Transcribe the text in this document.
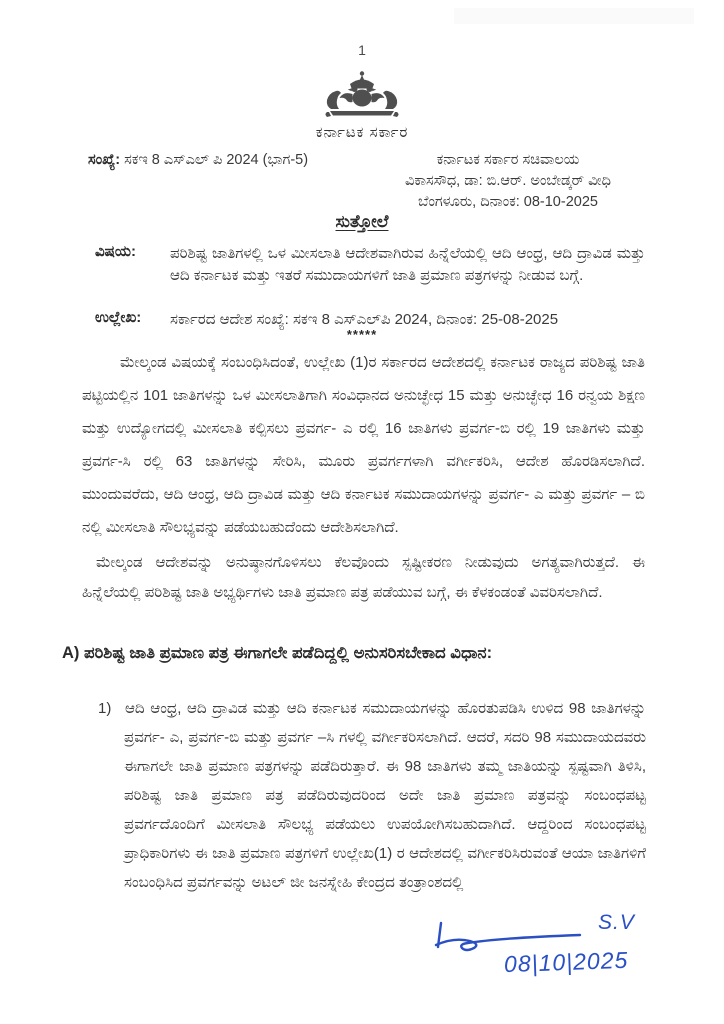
1
ಕರ್ನಾಟಕ ಸರ್ಕಾರ
ಸಂಖ್ಯೆ: ಸಕಇ 8 ಎಸ್‌ಎಲ್ ಪಿ 2024 (ಭಾಗ-5)	ಕರ್ನಾಟಕ ಸರ್ಕಾರ ಸಚಿವಾಲಯ
ವಿಕಾಸಸೌಧ, ಡಾ: ಬಿ.ಆರ್. ಅಂಬೇಡ್ಕರ್ ವೀಧಿ
ಬೆಂಗಳೂರು, ದಿನಾಂಕ: 08-10-2025
ಸುತ್ತೋಲೆ
ವಿಷಯ: ಪರಿಶಿಷ್ಟ ಜಾತಿಗಳಲ್ಲಿ ಒಳ ಮೀಸಲಾತಿ ಆದೇಶವಾಗಿರುವ ಹಿನ್ನೆಲೆಯಲ್ಲಿ ಆದಿ ಆಂಧ್ರ, ಆದಿ ದ್ರಾವಿಡ ಮತ್ತು ಆದಿ ಕರ್ನಾಟಕ ಮತ್ತು ಇತರೆ ಸಮುದಾಯಗಳಿಗೆ ಜಾತಿ ಪ್ರಮಾಣ ಪತ್ರಗಳನ್ನು ನೀಡುವ ಬಗ್ಗೆ.
ಉಲ್ಲೇಖ: ಸರ್ಕಾರದ ಆದೇಶ ಸಂಖ್ಯೆ: ಸಕಇ 8 ಎಸ್‌ಎಲ್‌ಪಿ 2024, ದಿನಾಂಕ: 25-08-2025
*****

ಮೇಲ್ಕಂಡ ವಿಷಯಕ್ಕೆ ಸಂಬಂಧಿಸಿದಂತೆ, ಉಲ್ಲೇಖ (1)ರ ಸರ್ಕಾರದ ಆದೇಶದಲ್ಲಿ ಕರ್ನಾಟಕ ರಾಜ್ಯದ ಪರಿಶಿಷ್ಟ ಜಾತಿ ಪಟ್ಟಿಯಲ್ಲಿನ 101 ಜಾತಿಗಳನ್ನು ಒಳ ಮೀಸಲಾತಿಗಾಗಿ ಸಂವಿಧಾನದ ಅನುಚ್ಛೇಧ 15 ಮತ್ತು ಅನುಚ್ಛೇಧ 16 ರನ್ವಯ ಶಿಕ್ಷಣ ಮತ್ತು ಉದ್ಯೋಗದಲ್ಲಿ ಮೀಸಲಾತಿ ಕಲ್ಪಿಸಲು ಪ್ರವರ್ಗ- ಎ ರಲ್ಲಿ 16 ಜಾತಿಗಳು ಪ್ರವರ್ಗ-ಬಿ ರಲ್ಲಿ 19 ಜಾತಿಗಳು ಮತ್ತು ಪ್ರವರ್ಗ-ಸಿ ರಲ್ಲಿ 63 ಜಾತಿಗಳನ್ನು ಸೇರಿಸಿ, ಮೂರು ಪ್ರವರ್ಗಗಳಾಗಿ ವರ್ಗೀಕರಿಸಿ, ಆದೇಶ ಹೊರಡಿಸಲಾಗಿದೆ. ಮುಂದುವರೆದು, ಆದಿ ಆಂಧ್ರ, ಆದಿ ದ್ರಾವಿಡ ಮತ್ತು ಆದಿ ಕರ್ನಾಟಕ ಸಮುದಾಯಗಳನ್ನು ಪ್ರವರ್ಗ- ಎ ಮತ್ತು ಪ್ರವರ್ಗ – ಬಿ ನಲ್ಲಿ ಮೀಸಲಾತಿ ಸೌಲಭ್ಯವನ್ನು ಪಡೆಯಬಹುದೆಂದು ಆದೇಶಿಸಲಾಗಿದೆ.

ಮೇಲ್ಕಂಡ ಆದೇಶವನ್ನು ಅನುಷ್ಠಾನಗೊಳಿಸಲು ಕೆಲವೊಂದು ಸ್ಪಷ್ಟೀಕರಣ ನೀಡುವುದು ಅಗತ್ಯವಾಗಿರುತ್ತದೆ. ಈ ಹಿನ್ನೆಲೆಯಲ್ಲಿ ಪರಿಶಿಷ್ಟ ಜಾತಿ ಅಭ್ಯರ್ಥಿಗಳು ಜಾತಿ ಪ್ರಮಾಣ ಪತ್ರ ಪಡೆಯುವ ಬಗ್ಗೆ, ಈ ಕೆಳಕಂಡಂತೆ ವಿವರಿಸಲಾಗಿದೆ.

A) ಪರಿಶಿಷ್ಟ ಜಾತಿ ಪ್ರಮಾಣ ಪತ್ರ ಈಗಾಗಲೇ ಪಡೆದಿದ್ದಲ್ಲಿ ಅನುಸರಿಸಬೇಕಾದ ವಿಧಾನ:
1) ಆದಿ ಆಂಧ್ರ, ಆದಿ ದ್ರಾವಿಡ ಮತ್ತು ಆದಿ ಕರ್ನಾಟಕ ಸಮುದಾಯಗಳನ್ನು ಹೊರತುಪಡಿಸಿ ಉಳಿದ 98 ಜಾತಿಗಳನ್ನು ಪ್ರವರ್ಗ- ಎ, ಪ್ರವರ್ಗ-ಬಿ ಮತ್ತು ಪ್ರವರ್ಗ –ಸಿ ಗಳಲ್ಲಿ ವರ್ಗೀಕರಿಸಲಾಗಿದೆ. ಆದರೆ, ಸದರಿ 98 ಸಮುದಾಯದವರು ಈಗಾಗಲೇ ಜಾತಿ ಪ್ರಮಾಣ ಪತ್ರಗಳನ್ನು ಪಡೆದಿರುತ್ತಾರೆ. ಈ 98 ಜಾತಿಗಳು ತಮ್ಮ ಜಾತಿಯನ್ನು ಸ್ಪಷ್ಟವಾಗಿ ತಿಳಿಸಿ, ಪರಿಶಿಷ್ಟ ಜಾತಿ ಪ್ರಮಾಣ ಪತ್ರ ಪಡೆದಿರುವುದರಿಂದ ಅದೇ ಜಾತಿ ಪ್ರಮಾಣ ಪತ್ರವನ್ನು ಸಂಬಂಧಪಟ್ಟ ಪ್ರವರ್ಗದೊಂದಿಗೆ ಮೀಸಲಾತಿ ಸೌಲಭ್ಯ ಪಡೆಯಲು ಉಪಯೋಗಿಸಬಹುದಾಗಿದೆ. ಆದ್ದರಿಂದ ಸಂಬಂಧಪಟ್ಟ ಪ್ರಾಧಿಕಾರಿಗಳು ಈ ಜಾತಿ ಪ್ರಮಾಣ ಪತ್ರಗಳಿಗೆ ಉಲ್ಲೇಖ(1) ರ ಆದೇಶದಲ್ಲಿ ವರ್ಗೀಕರಿಸಿರುವಂತೆ ಆಯಾ ಜಾತಿಗಳಿಗೆ ಸಂಬಂಧಿಸಿದ ಪ್ರವರ್ಗವನ್ನು ಅಟಲ್ ಜೀ ಜನಸ್ನೇಹಿ ಕೇಂದ್ರದ ತಂತ್ರಾಂಶದಲ್ಲಿ
S.V
08|10|2025
